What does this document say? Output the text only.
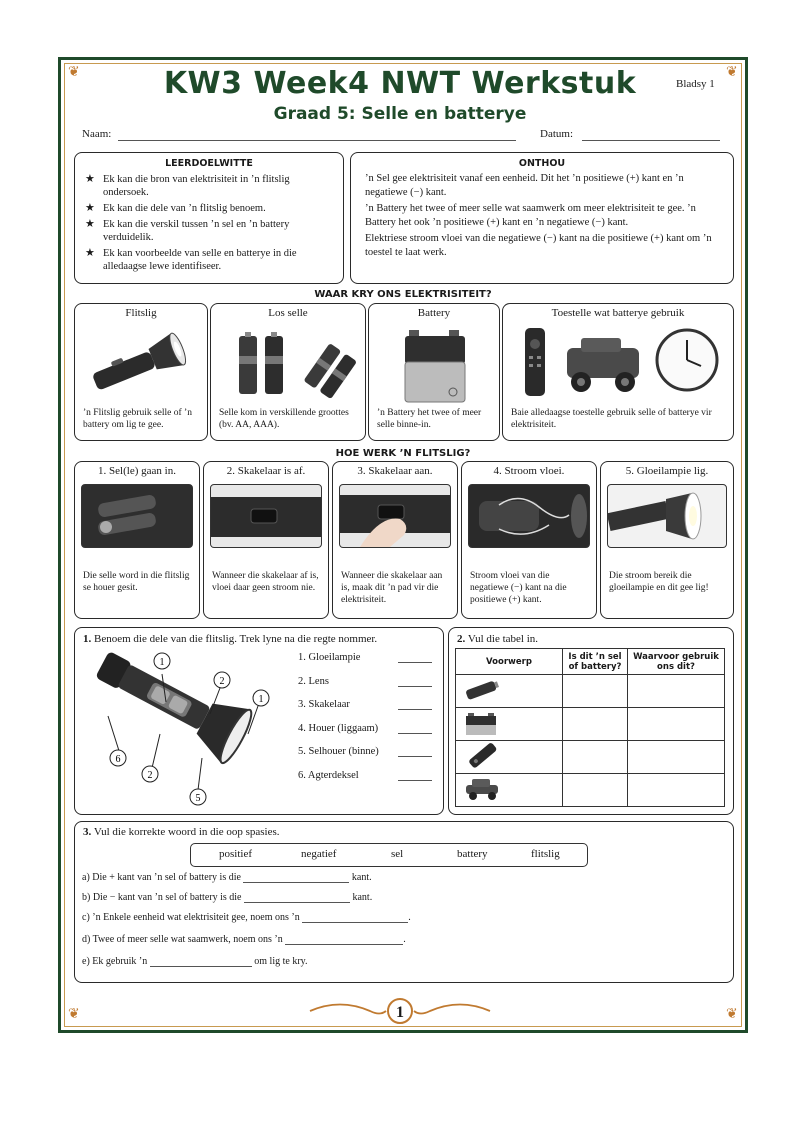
❦	❦
❦	❦
KW3 Week4 NWT Werkstuk	Bladsy 1
Graad 5: Selle en batterye
Naam:	Datum:
LEERDOELWITTE
★ Ek kan die bron van elektrisiteit in ’n flitslig ondersoek.
★ Ek kan die dele van ’n flitslig benoem.
★ Ek kan die verskil tussen ’n sel en ’n battery verduidelik.
★ Ek kan voorbeelde van selle en batterye in die alledaagse lewe identifiseer.
ONTHOU

’n Sel gee elektrisiteit vanaf een eenheid. Dit het ’n positiewe (+) kant en ’n negatiewe (−) kant.

’n Battery het twee of meer selle wat saamwerk om meer elektrisiteit te gee. ’n Battery het ook ’n positiewe (+) kant en ’n negatiewe (−) kant.

Elektriese stroom vloei van die negatiewe (−) kant na die positiewe (+) kant om ’n toestel te laat werk.

WAAR KRY ONS ELEKTRISITEIT?
Flitslig
’n Flitslig gebruik selle of ’n battery om lig te gee.
Los selle
Selle kom in verskillende groottes (bv. AA, AAA).
Battery
’n Battery het twee of meer selle binne-in.
Toestelle wat batterye gebruik
Baie alledaagse toestelle gebruik selle of batterye vir elektrisiteit.
HOE WERK ’N FLITSLIG?
1. Sel(le) gaan in.
Die selle word in die flitslig se houer gesit.
2. Skakelaar is af.
Wanneer die skakelaar af is, vloei daar geen stroom nie.
3. Skakelaar aan.
Wanneer die skakelaar aan is, maak dit ’n pad vir die elektrisiteit.
4. Stroom vloei.
Stroom vloei van die negatiewe (−) kant na die positiewe (+) kant.
5. Gloeilampie lig.
Die stroom bereik die gloeilampie en dit gee lig!
1. Benoem die dele van die flitslig. Trek lyne na die regte nommer.
1
2
1
6
2
5
1. Gloeilampie
2. Lens
3. Skakelaar
4. Houer (liggaam)
5. Selhouer (binne)
6. Agterdeksel
2. Vul die tabel in.
Voorwerp	Is dit ’n sel of battery?	Waarvoor gebruik ons dit?

3. Vul die korrekte woord in die oop spasies.
positief	negatief	sel	battery	flitslig
a) Die + kant van ’n sel of battery is die	kant.
b) Die − kant van ’n sel of battery is die	kant.
c) ’n Enkele eenheid wat elektrisiteit gee, noem ons ’n	.
d) Twee of meer selle wat saamwerk, noem ons ’n	.
e) Ek gebruik ’n	om lig te kry.
1
